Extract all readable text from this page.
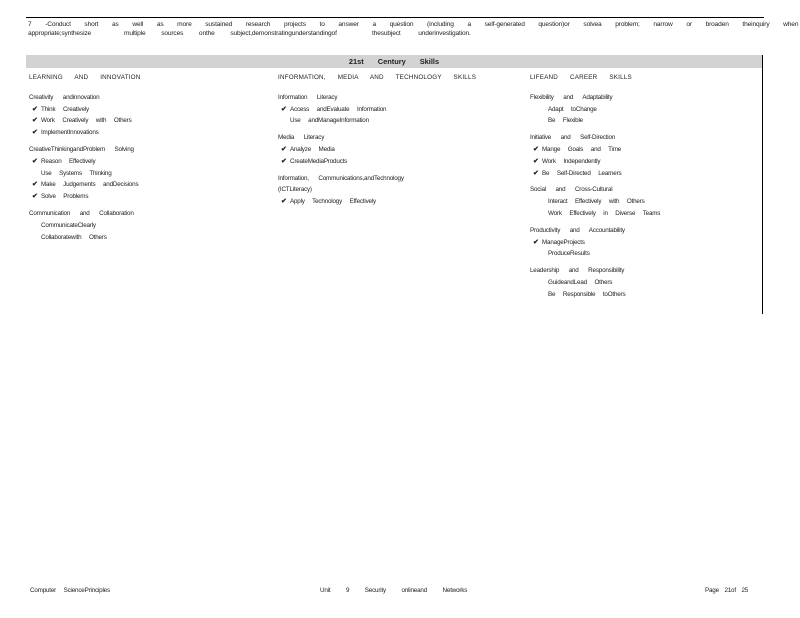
7 -Conduct short as well as more sustained research projects to answer a question (including a self-generated question)or solvea problem; narrow or broaden theinquiry when
appropriate;synthesize	multiple sources onthe subject,demonstratingunderstandingof	thesubject underinvestigation.
21st Century Skills
LEARNING AND INNOVATION
Creativity andinnovation
✔ Think Creatively
✔ Work Creatively with Others
✔ ImplementInnovations
CreativeThinkingandProblem Solving
✔ Reason Effectively
Use Systems Thinking
✔ Make Judgements andDecisions
✔ Solve Problems
Communication and Collaboration
CommunicateClearly
Collaboratewith Others
INFORMATION, MEDIA AND TECHNOLOGY SKILLS
Information Literacy
✔ Access andEvaluate Information
Use andManageInformation
Media Literacy
✔ Analyze Media
✔ CreateMediaProducts
Information, Communications,andTechnology
(ICTLiteracy)
✔ Apply Technology Effectively
LIFEAND CAREER SKILLS
Flexibility and Adaptability
Adapt toChange
Be Flexible
Initiative and Self-Direction
✔ Mange Goals and Time
✔ Work Independently
✔ Be Self-Directed Learners
Social and Cross-Cultural
Interact Effectively with Others
Work Effectively in Diverse Teams
Productivity and Accountability
✔ ManageProjects
ProduceResults
Leadership and Responsibility
GuideandLead Others
Be Responsible toOthers
Computer SciencePrinciples	Unit 9 Security onlineand Networks	Page 21of 25
